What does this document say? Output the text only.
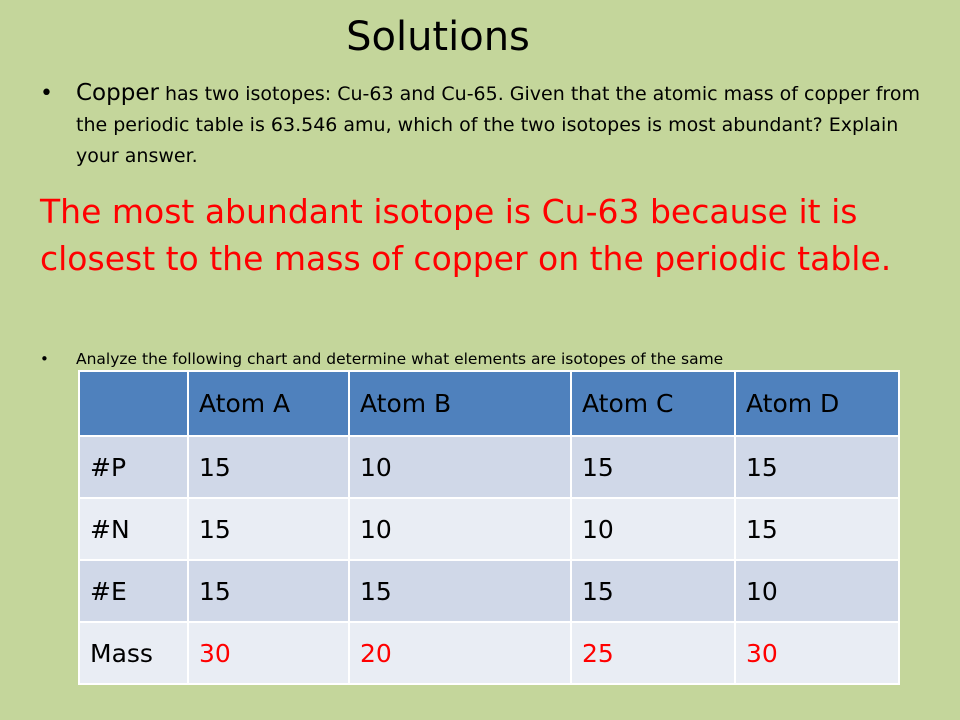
Solutions
• Copper has two isotopes: Cu-63 and Cu-65. Given that the atomic mass of copper from the periodic table is 63.546 amu, which of the two isotopes is most abundant? Explain your answer.
The most abundant isotope is Cu-63 because it is closest to the mass of copper on the periodic table.
• Analyze the following chart and determine what elements are isotopes of the same
	Atom A	Atom B	Atom C	Atom D
#P	15	10	15	15
#N	15	10	10	15
#E	15	15	15	10
Mass	30	20	25	30
